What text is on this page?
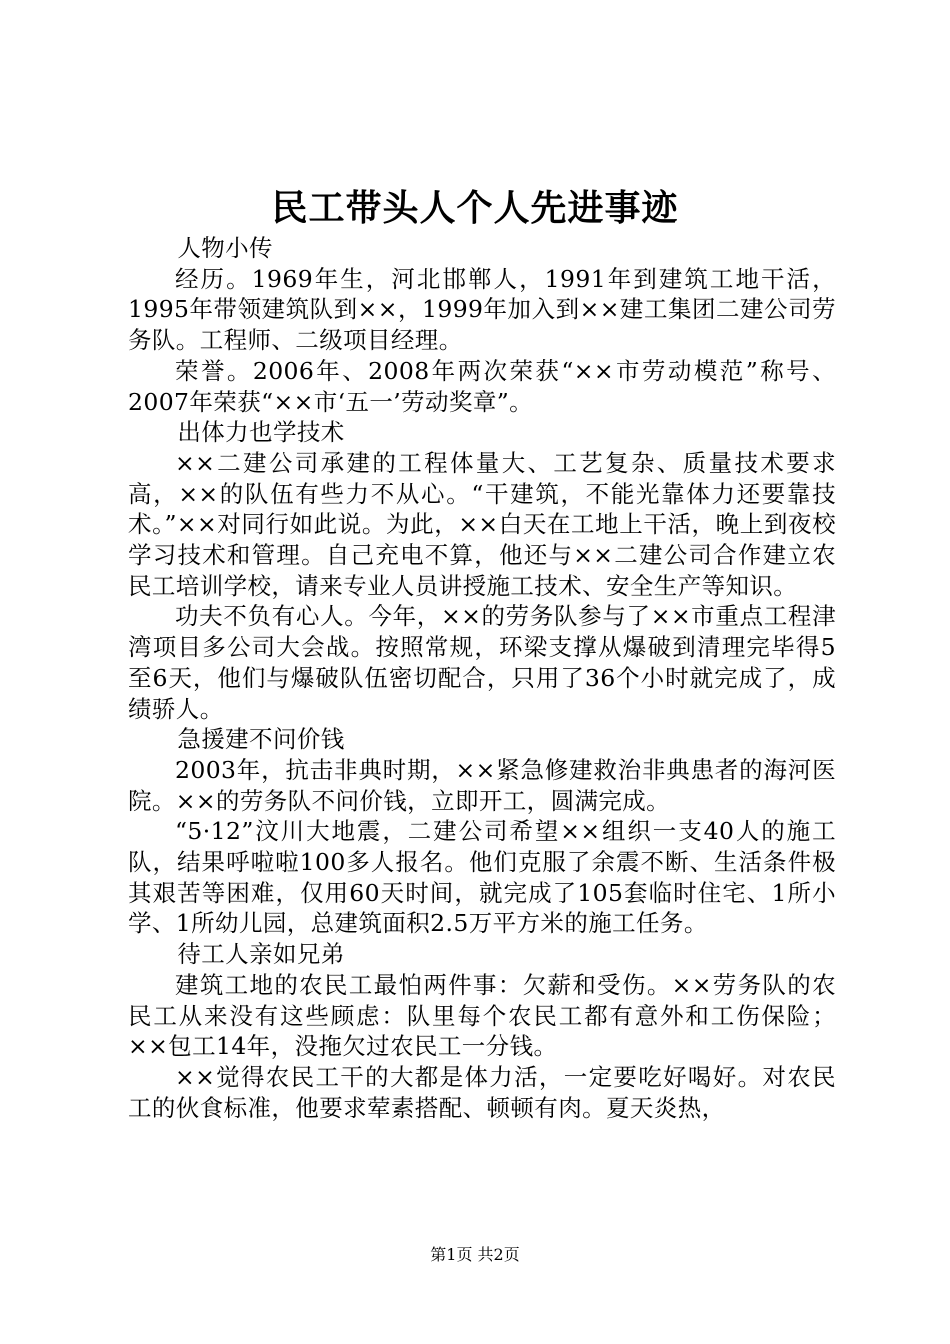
民工带头人个人先进事迹

人物小传

经历。1969年生，河北邯郸人，1991年到建筑工地干活，1995年带领建筑队到××，1999年加入到××建工集团二建公司劳务队。工程师、二级项目经理。

荣誉。2006年、2008年两次荣获“××市劳动模范”称号、2007年荣获“××市‘五一’劳动奖章”。

出体力也学技术

××二建公司承建的工程体量大、工艺复杂、质量技术要求高，××的队伍有些力不从心。“干建筑，不能光靠体力还要靠技术。”××对同行如此说。为此，××白天在工地上干活，晚上到夜校学习技术和管理。自己充电不算，他还与××二建公司合作建立农民工培训学校，请来专业人员讲授施工技术、安全生产等知识。

功夫不负有心人。今年，××的劳务队参与了××市重点工程津湾项目多公司大会战。按照常规，环梁支撑从爆破到清理完毕得5至6天，他们与爆破队伍密切配合，只用了36个小时就完成了，成绩骄人。

急援建不问价钱

2003年，抗击非典时期，××紧急修建救治非典患者的海河医院。××的劳务队不问价钱，立即开工，圆满完成。

“5·12”汶川大地震，二建公司希望××组织一支40人的施工队，结果呼啦啦100多人报名。他们克服了余震不断、生活条件极其艰苦等困难，仅用60天时间，就完成了105套临时住宅、1所小学、1所幼儿园，总建筑面积2.5万平方米的施工任务。

待工人亲如兄弟

建筑工地的农民工最怕两件事：欠薪和受伤。××劳务队的农民工从来没有这些顾虑：队里每个农民工都有意外和工伤保险；××包工14年，没拖欠过农民工一分钱。

××觉得农民工干的大都是体力活，一定要吃好喝好。对农民工的伙食标准，他要求荤素搭配、顿顿有肉。夏天炎热，

第1页 共2页
